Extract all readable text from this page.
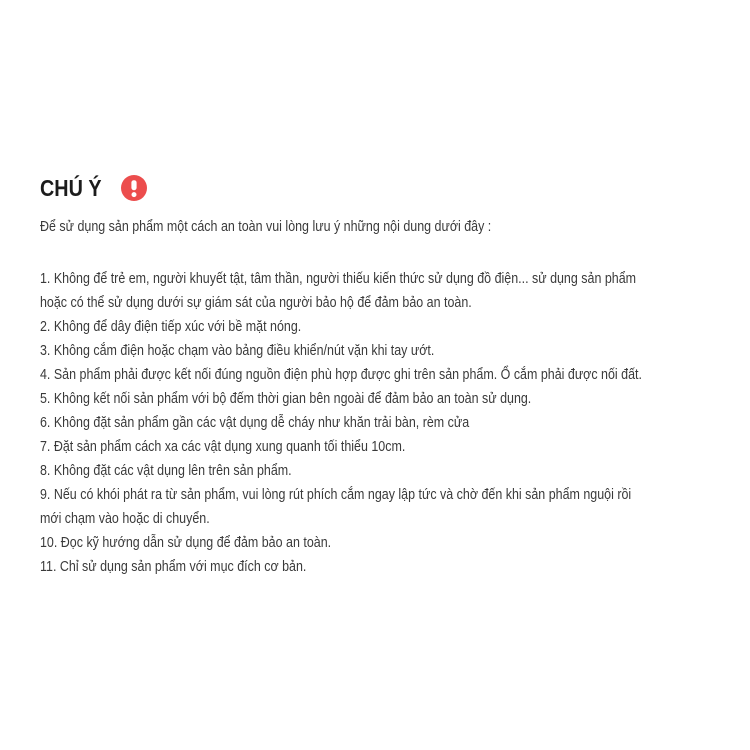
CHÚ Ý
Để sử dụng sản phẩm một cách an toàn vui lòng lưu ý những nội dung dưới đây :
1. Không để trẻ em, người khuyết tật, tâm thần, người thiếu kiến thức sử dụng đồ điện... sử dụng sản phẩm
hoặc có thể sử dụng dưới sự giám sát của người bảo hộ để đảm bảo an toàn.
2. Không để dây điện tiếp xúc với bề mặt nóng.
3. Không cắm điện hoặc chạm vào bảng điều khiển/nút vặn khi tay ướt.
4. Sản phẩm phải được kết nối đúng nguồn điện phù hợp được ghi trên sản phẩm. Ổ cắm phải được nối đất.
5. Không kết nối sản phẩm với bộ đếm thời gian bên ngoài để đảm bảo an toàn sử dụng.
6. Không đặt sản phẩm gần các vật dụng dễ cháy như khăn trải bàn, rèm cửa
7. Đặt sản phẩm cách xa các vật dụng xung quanh tối thiểu 10cm.
8. Không đặt các vật dụng lên trên sản phẩm.
9. Nếu có khói phát ra từ sản phẩm, vui lòng rút phích cắm ngay lập tức và chờ đến khi sản phẩm nguội rồi
mới chạm vào hoặc di chuyển.
10. Đọc kỹ hướng dẫn sử dụng để đảm bảo an toàn.
11. Chỉ sử dụng sản phẩm với mục đích cơ bản.
